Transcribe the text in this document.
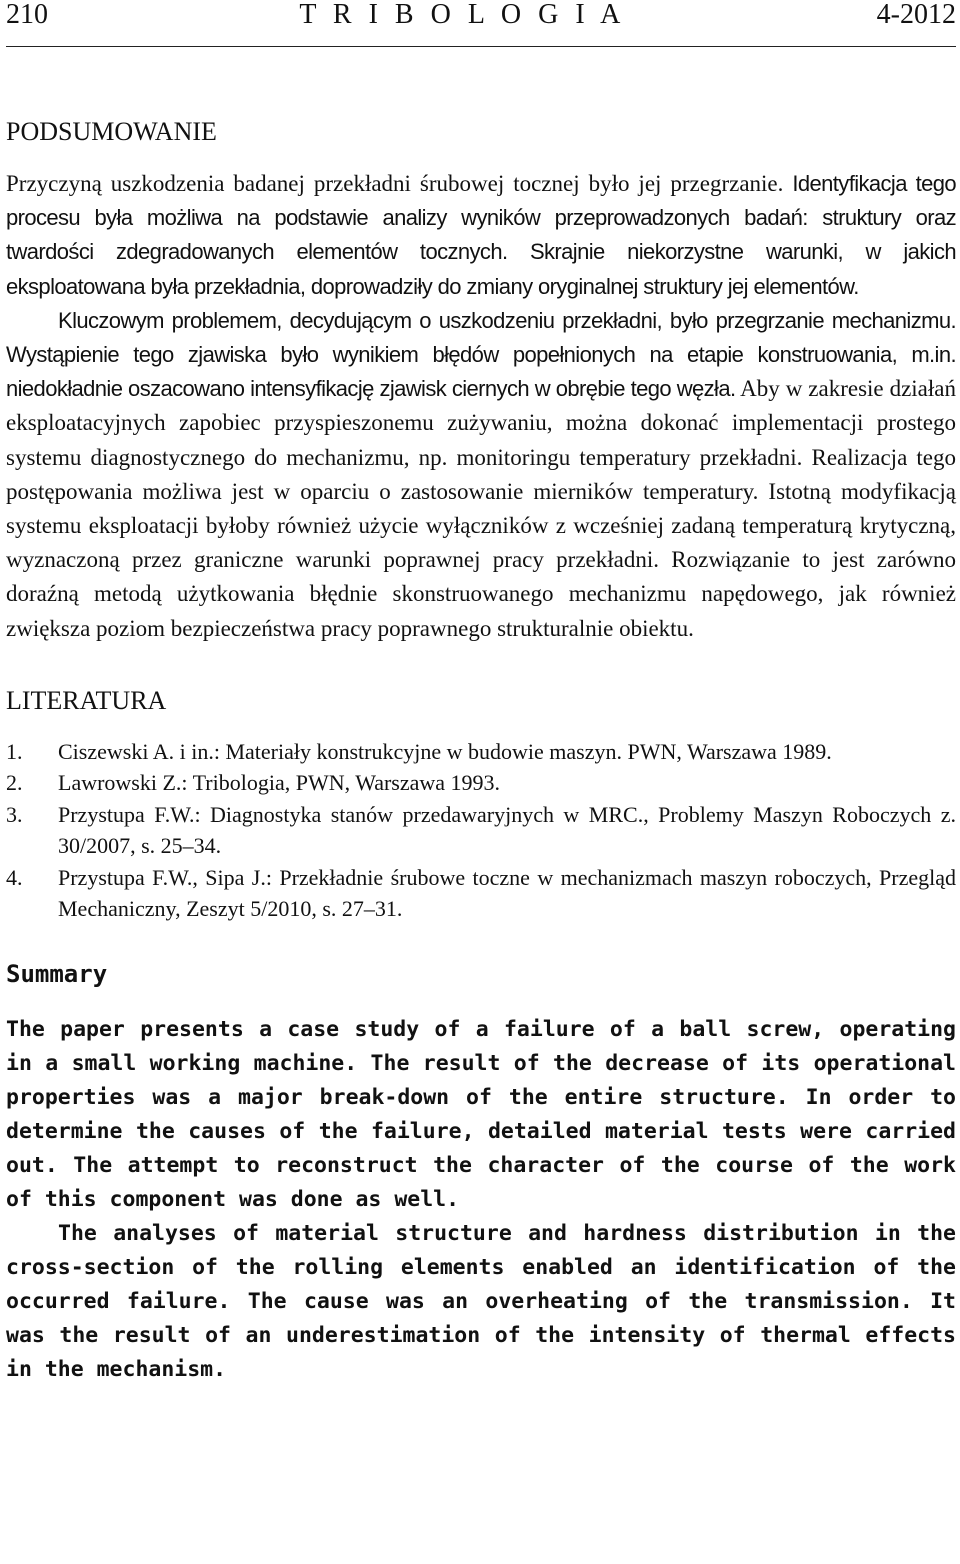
210	T R I B O L O G I A	4-2012
PODSUMOWANIE

Przyczyną uszkodzenia badanej przekładni śrubowej tocznej było jej przegrzanie. Identyfikacja tego procesu była możliwa na podstawie analizy wyników przeprowadzonych badań: struktury oraz twardości zdegradowanych elementów tocznych. Skrajnie niekorzystne warunki, w jakich eksploatowana była przekładnia, doprowadziły do zmiany oryginalnej struktury jej elementów.

Kluczowym problemem, decydującym o uszkodzeniu przekładni, było przegrzanie mechanizmu. Wystąpienie tego zjawiska było wynikiem błędów popełnionych na etapie konstruowania, m.in. niedokładnie oszacowano intensyfikację zjawisk ciernych w obrębie tego węzła. Aby w zakresie działań eksploatacyjnych zapobiec przyspieszonemu zużywaniu, można dokonać implementacji prostego systemu diagnostycznego do mechanizmu, np. monitoringu temperatury przekładni. Realizacja tego postępowania możliwa jest w oparciu o zastosowanie mierników temperatury. Istotną modyfikacją systemu eksploatacji byłoby również użycie wyłączników z wcześniej zadaną temperaturą krytyczną, wyznaczoną przez graniczne warunki poprawnej pracy przekładni. Rozwiązanie to jest zarówno doraźną metodą użytkowania błędnie skonstruowanego mechanizmu napędowego, jak również zwiększa poziom bezpieczeństwa pracy poprawnego strukturalnie obiektu.

LITERATURA
1.	Ciszewski A. i in.: Materiały konstrukcyjne w budowie maszyn. PWN, Warszawa 1989.
2.	Lawrowski Z.: Tribologia, PWN, Warszawa 1993.
3.	Przystupa F.W.: Diagnostyka stanów przedawaryjnych w MRC., Problemy Maszyn Roboczych z. 30/2007, s. 25–34.
4.	Przystupa F.W., Sipa J.: Przekładnie śrubowe toczne w mechanizmach maszyn roboczych, Przegląd Mechaniczny, Zeszyt 5/2010, s. 27–31.
Summary

The paper presents a case study of a failure of a ball screw, operating in a small working machine. The result of the decrease of its operational properties was a major break-down of the entire structure. In order to determine the causes of the failure, detailed material tests were carried out. The attempt to reconstruct the character of the course of the work of this component was done as well.

The analyses of material structure and hardness distribution in the cross-section of the rolling elements enabled an identification of the occurred failure. The cause was an overheating of the transmission. It was the result of an underestimation of the intensity of thermal effects in the mechanism.
